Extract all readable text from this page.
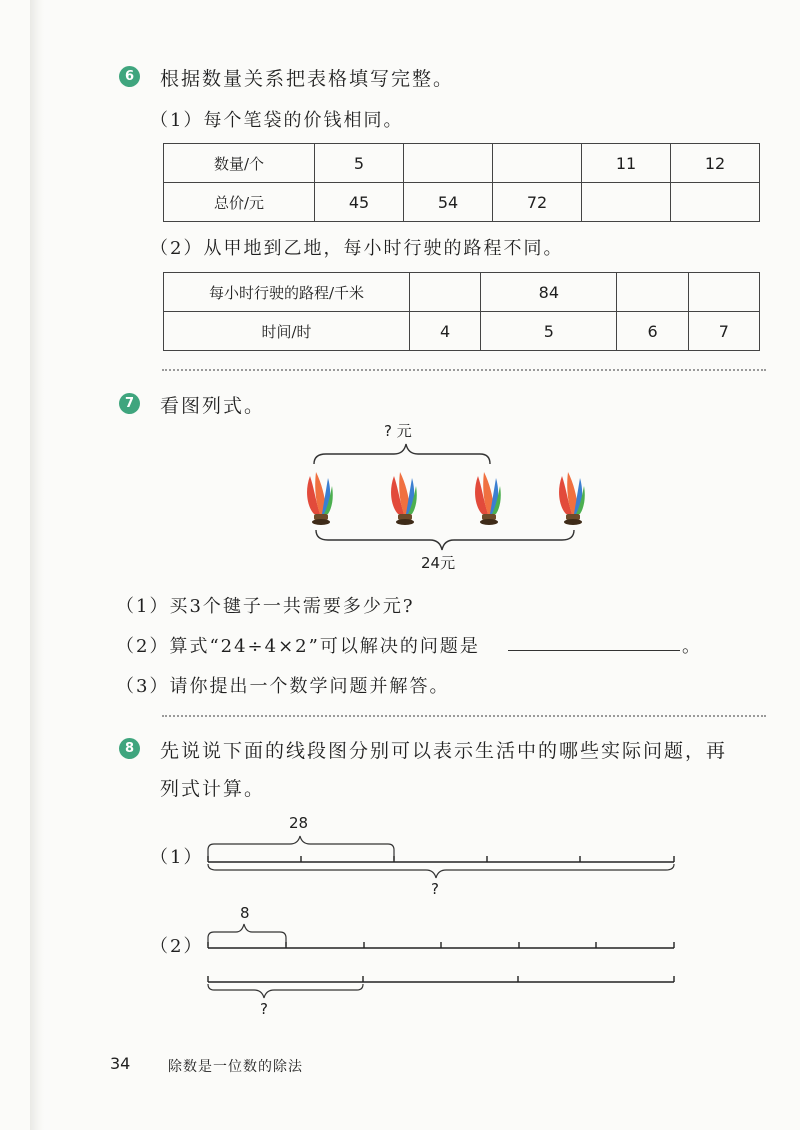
6	根据数量关系把表格填写完整。
（1）每个笔袋的价钱相同。
数量/个	5			11	12
总价/元	45	54	72		
（2）从甲地到乙地，每小时行驶的路程不同。
每小时行驶的路程/千米		84		
时间/时	4	5	6	7
7	看图列式。
? 元
24元
（1）买3个毽子一共需要多少元?
（2）算式“24÷4×2”可以解决的问题是	。
（3）请你提出一个数学问题并解答。
8	先说说下面的线段图分别可以表示生活中的哪些实际问题，再
列式计算。
（1）
28
?
（2）
8
?
34	除数是一位数的除法
